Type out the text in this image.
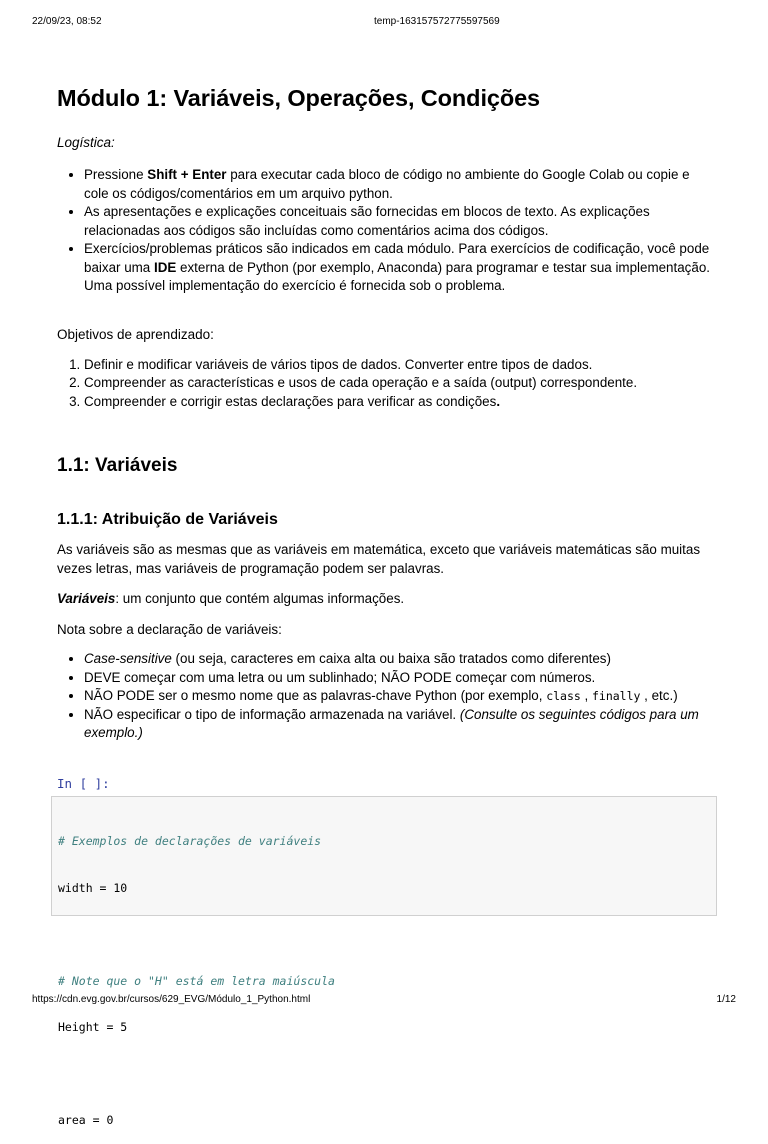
22/09/23, 08:52	temp-163157572775597569
Módulo 1: Variáveis, Operações, Condições

Logística:

• Pressione Shift + Enter para executar cada bloco de código no ambiente do Google Colab ou copie e cole os códigos/comentários em um arquivo python.
• As apresentações e explicações conceituais são fornecidas em blocos de texto. As explicações relacionadas aos códigos são incluídas como comentários acima dos códigos.
• Exercícios/problemas práticos são indicados em cada módulo. Para exercícios de codificação, você pode baixar uma IDE externa de Python (por exemplo, Anaconda) para programar e testar sua implementação. Uma possível implementação do exercício é fornecida sob o problema.

Objetivos de aprendizado:

1. Definir e modificar variáveis de vários tipos de dados. Converter entre tipos de dados.
2. Compreender as características e usos de cada operação e a saída (output) correspondente.
3. Compreender e corrigir estas declarações para verificar as condições.
1.1: Variáveis
1.1.1: Atribuição de Variáveis

As variáveis são as mesmas que as variáveis em matemática, exceto que variáveis matemáticas são muitas vezes letras, mas variáveis de programação podem ser palavras.

Variáveis: um conjunto que contém algumas informações.

Nota sobre a declaração de variáveis:

• Case-sensitive (ou seja, caracteres em caixa alta ou baixa são tratados como diferentes)
• DEVE começar com uma letra ou um sublinhado; NÃO PODE começar com números.
• NÃO PODE ser o mesmo nome que as palavras-chave Python (por exemplo, class , finally , etc.)
• NÃO especificar o tipo de informação armazenada na variável. (Consulte os seguintes códigos para um exemplo.)
In [ ]:

# Exemplos de declarações de variáveis

width = 10

# Note que o "H" está em letra maiúscula

Height = 5

area = 0

https://cdn.evg.gov.br/cursos/629_EVG/Módulo_1_Python.html	1/12
